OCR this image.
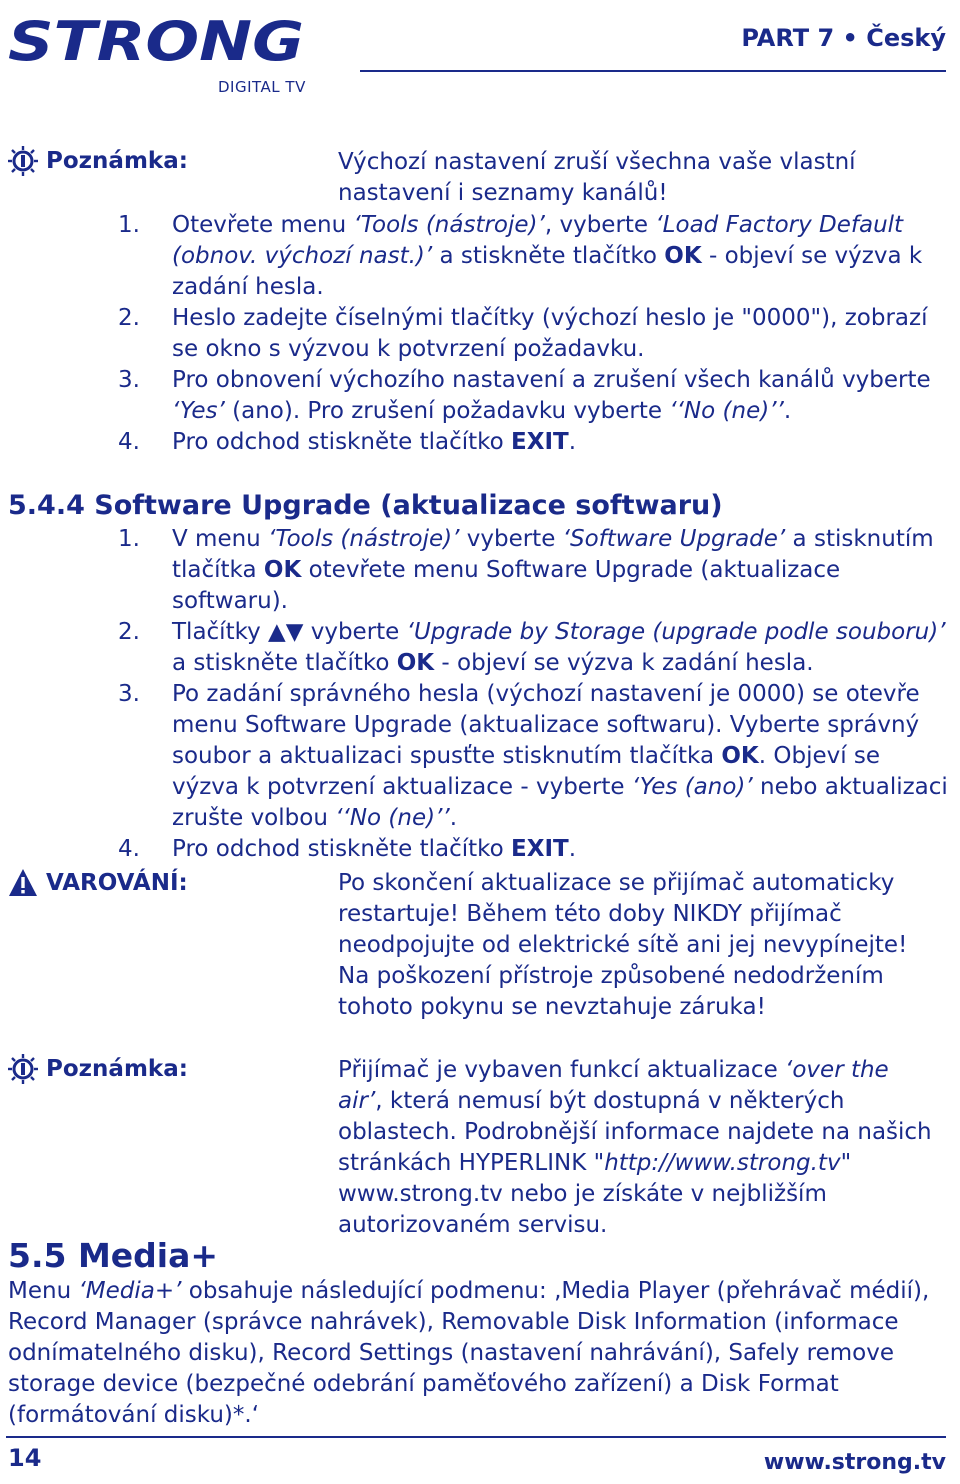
STRONG
DIGITAL TV
PART 7 • Český
Poznámka:	Výchozí nastavení zruší všechna vaše vlastní nastavení i seznamy kanálů!
1. Otevřete menu ‘Tools (nástroje)’, vyberte ‘Load Factory Default (obnov. výchozí nast.)’ a stiskněte tlačítko OK - objeví se výzva k zadání hesla.
2. Heslo zadejte číselnými tlačítky (výchozí heslo je "0000"), zobrazí se okno s výzvou k potvrzení požadavku.
3. Pro obnovení výchozího nastavení a zrušení všech kanálů vyberte ‘Yes’ (ano). Pro zrušení požadavku vyberte ‘‘No (ne)’’.
4. Pro odchod stiskněte tlačítko EXIT.
5.4.4 Software Upgrade (aktualizace softwaru)
1. V menu ‘Tools (nástroje)’ vyberte ‘Software Upgrade’ a stisknutím tlačítka OK otevřete menu Software Upgrade (aktualizace softwaru).
2. Tlačítky ▲▼ vyberte ‘Upgrade by Storage (upgrade podle souboru)’ a stiskněte tlačítko OK - objeví se výzva k zadání hesla.
3. Po zadání správného hesla (výchozí nastavení je 0000) se otevře menu Software Upgrade (aktualizace softwaru). Vyberte správný soubor a aktualizaci spusťte stisknutím tlačítka OK. Objeví se výzva k potvrzení aktualizace - vyberte ‘Yes (ano)’ nebo aktualizaci zrušte volbou ‘‘No (ne)’’.
4. Pro odchod stiskněte tlačítko EXIT.
VAROVÁNÍ:	Po skončení aktualizace se přijímač automaticky restartuje! Během této doby NIKDY přijímač neodpojujte od elektrické sítě ani jej nevypínejte! Na poškození přístroje způsobené nedodržením tohoto pokynu se nevztahuje záruka!
Poznámka:	Přijímač je vybaven funkcí aktualizace ‘over the air’, která nemusí být dostupná v některých oblastech. Podrobnější informace najdete na našich stránkách HYPERLINK "http://www.strong.tv" www.strong.tv nebo je získáte v nejbližším autorizovaném servisu.
5.5 Media+
Menu ‘Media+’ obsahuje následující podmenu: ‚Media Player (přehrávač médií), Record Manager (správce nahrávek), Removable Disk Information (informace odnímatelného disku), Record Settings (nastavení nahrávání), Safely remove storage device (bezpečné odebrání paměťového zařízení) a Disk Format (formátování disku)*.‘
14	www.strong.tv
